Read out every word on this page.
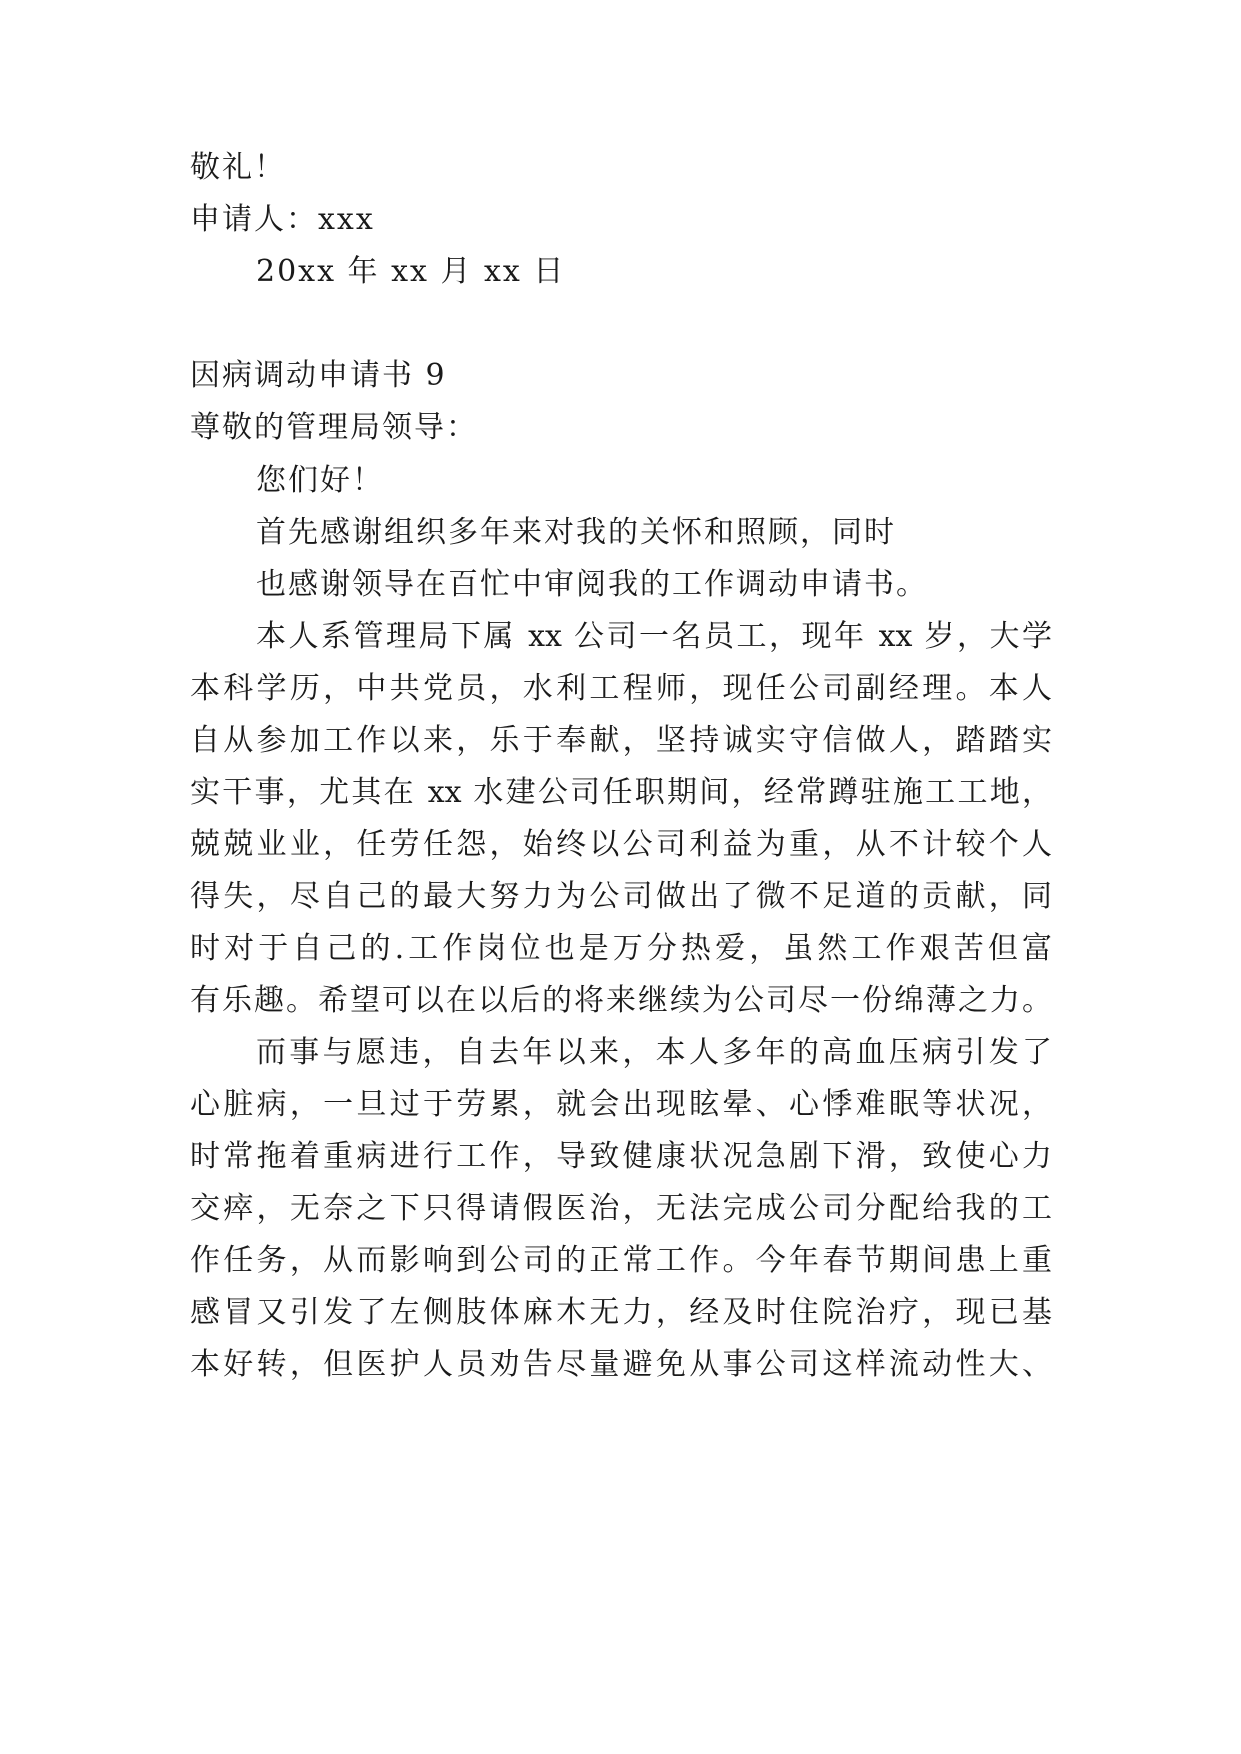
敬礼！
申请人：xxx
20xx 年 xx 月 xx 日
因病调动申请书 9
尊敬的管理局领导：
您们好！
首先感谢组织多年来对我的关怀和照顾，同时
也感谢领导在百忙中审阅我的工作调动申请书。
本人系管理局下属 xx 公司一名员工，现年 xx 岁，大学
本科学历，中共党员，水利工程师，现任公司副经理。本人
自从参加工作以来，乐于奉献，坚持诚实守信做人，踏踏实
实干事，尤其在 xx 水建公司任职期间，经常蹲驻施工工地，
兢兢业业，任劳任怨，始终以公司利益为重，从不计较个人
得失，尽自己的最大努力为公司做出了微不足道的贡献，同
时对于自己的.工作岗位也是万分热爱，虽然工作艰苦但富
有乐趣。希望可以在以后的将来继续为公司尽一份绵薄之力。
而事与愿违，自去年以来，本人多年的高血压病引发了
心脏病，一旦过于劳累，就会出现眩晕、心悸难眠等状况，
时常拖着重病进行工作，导致健康状况急剧下滑，致使心力
交瘁，无奈之下只得请假医治，无法完成公司分配给我的工
作任务，从而影响到公司的正常工作。今年春节期间患上重
感冒又引发了左侧肢体麻木无力，经及时住院治疗，现已基
本好转，但医护人员劝告尽量避免从事公司这样流动性大、
